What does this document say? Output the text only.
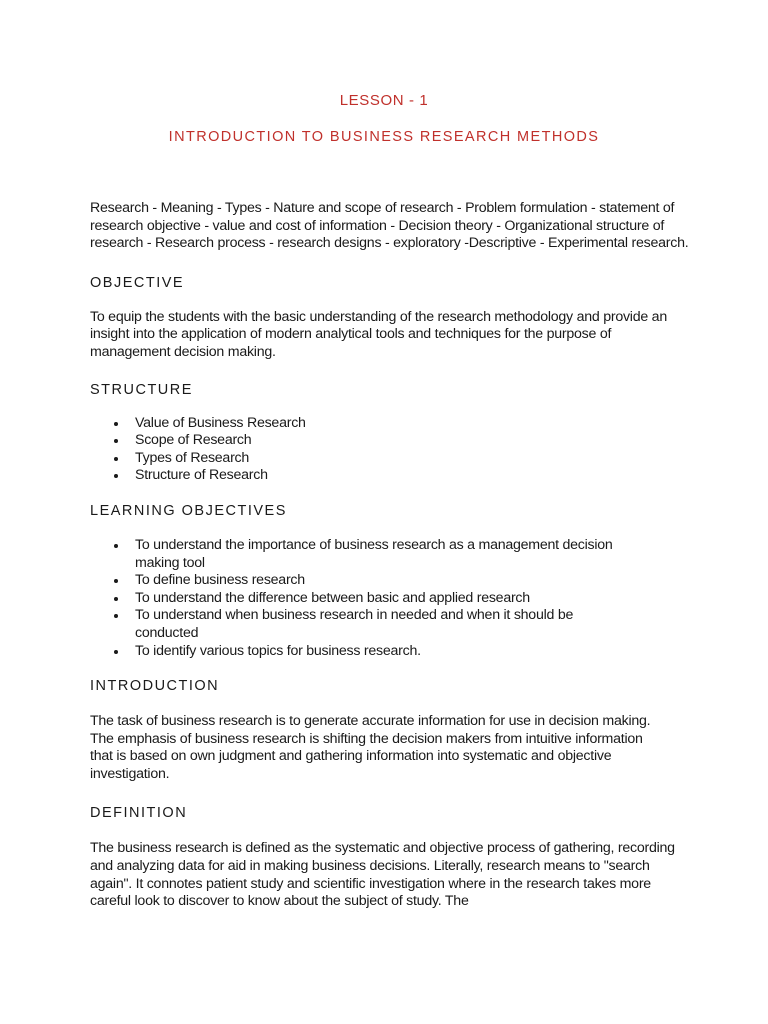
LESSON - 1
INTRODUCTION TO BUSINESS RESEARCH METHODS

Research - Meaning - Types - Nature and scope of research - Problem formulation - statement of research objective - value and cost of information - Decision theory - Organizational structure of research - Research process - research designs - exploratory -Descriptive - Experimental research.

OBJECTIVE

To equip the students with the basic understanding of the research methodology and provide an insight into the application of modern analytical tools and techniques for the purpose of management decision making.

STRUCTURE
Value of Business Research
Scope of Research
Types of Research
Structure of Research
LEARNING OBJECTIVES
To understand the importance of business research as a management decision making tool
To define business research
To understand the difference between basic and applied research
To understand when business research in needed and when it should be conducted
To identify various topics for business research.
INTRODUCTION

The task of business research is to generate accurate information for use in decision making. The emphasis of business research is shifting the decision makers from intuitive information that is based on own judgment and gathering information into systematic and objective investigation.

DEFINITION

The business research is defined as the systematic and objective process of gathering, recording and analyzing data for aid in making business decisions. Literally, research means to "search again". It connotes patient study and scientific investigation where in the research takes more careful look to discover to know about the subject of study. The
